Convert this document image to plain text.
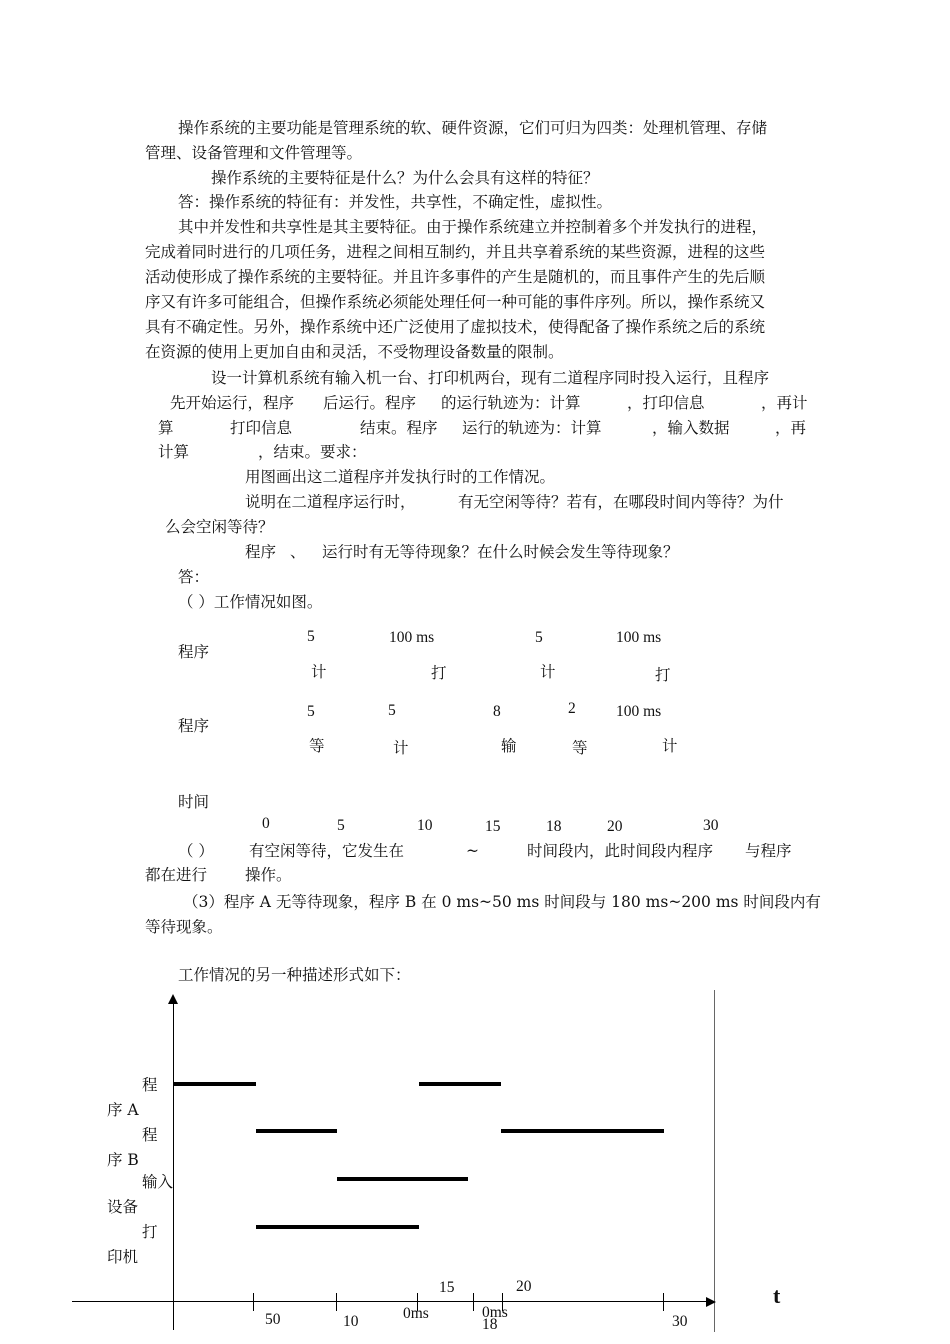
操作系统的主要功能是管理系统的软、硬件资源，它们可归为四类：处理机管理、存储
管理、设备管理和文件管理等。
操作系统的主要特征是什么？为什么会具有这样的特征？
答：操作系统的特征有：并发性，共享性，不确定性，虚拟性。
其中并发性和共享性是其主要特征。由于操作系统建立并控制着多个并发执行的进程，
完成着同时进行的几项任务，进程之间相互制约，并且共享着系统的某些资源，进程的这些
活动使形成了操作系统的主要特征。并且许多事件的产生是随机的，而且事件产生的先后顺
序又有许多可能组合，但操作系统必须能处理任何一种可能的事件序列。所以，操作系统又
具有不确定性。另外，操作系统中还广泛使用了虚拟技术，使得配备了操作系统之后的系统
在资源的使用上更加自由和灵活，不受物理设备数量的限制。
设一计算机系统有输入机一台、打印机两台，现有二道程序同时投入运行，且程序
先开始运行，程序 后运行。程序 的运行轨迹为：计算	，打印信息	，再计
算	打印信息	结束。程序 运行的轨迹为：计算	，输入数据	，再
计算	，结束。要求：
用图画出这二道程序并发执行时的工作情况。
说明在二道程序运行时，	有无空闲等待？若有，在哪段时间内等待？为什
么会空闲等待？
程序 、 运行时有无等待现象？在什么时候会发生等待现象？
答：
（ ）工作情况如图。
程序
5	100 ms	5	100 ms
计	打	计	打
程序
5	5	8	2	100 ms
等	计	输	等	计
时间
0	5	10	15	18	20	30
（ ） 有空闲等待，它发生在	~	时间段内，此时间段内程序 与程序
都在进行 操作。
（3）程序 A 无等待现象，程序 B 在 0 ms~50 ms 时间段与 180 ms~200 ms 时间段内有
等待现象。
工作情况的另一种描述形式如下：
程
序 A
程
序 B
输入
设备
打
印机
15	20
0ms	0ms
50	10	18	30
t
